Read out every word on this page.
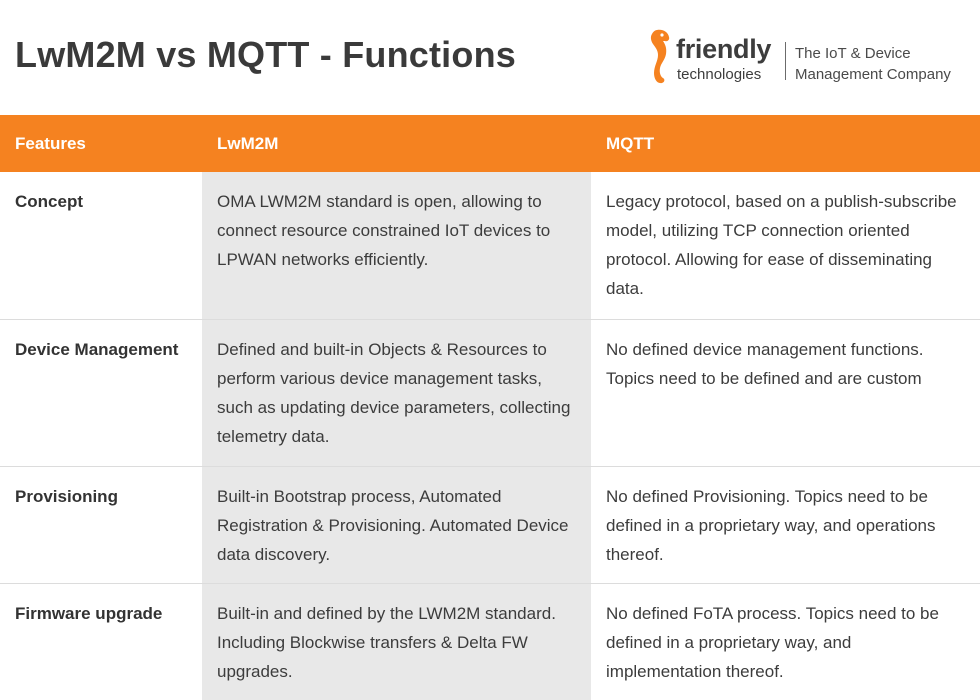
LwM2M vs MQTT - Functions	friendly
technologies
The IoT & Device
Management Company
Features	LwM2M	MQTT
Concept	OMA LWM2M standard is open, allowing to connect resource constrained IoT devices to LPWAN networks efficiently.	Legacy protocol, based on a publish-subscribe model, utilizing TCP connection oriented protocol. Allowing for ease of disseminating data.
Device Management	Defined and built-in Objects & Resources to perform various device management tasks, such as updating device parameters, collecting telemetry data.	No defined device management functions. Topics need to be defined and are custom
Provisioning	Built-in Bootstrap process, Automated Registration & Provisioning. Automated Device data discovery.	No defined Provisioning. Topics need to be defined in a proprietary way, and operations thereof.
Firmware upgrade	Built-in and defined by the LWM2M standard. Including Blockwise transfers & Delta FW upgrades.	No defined FoTA process. Topics need to be defined in a proprietary way, and implementation thereof.
